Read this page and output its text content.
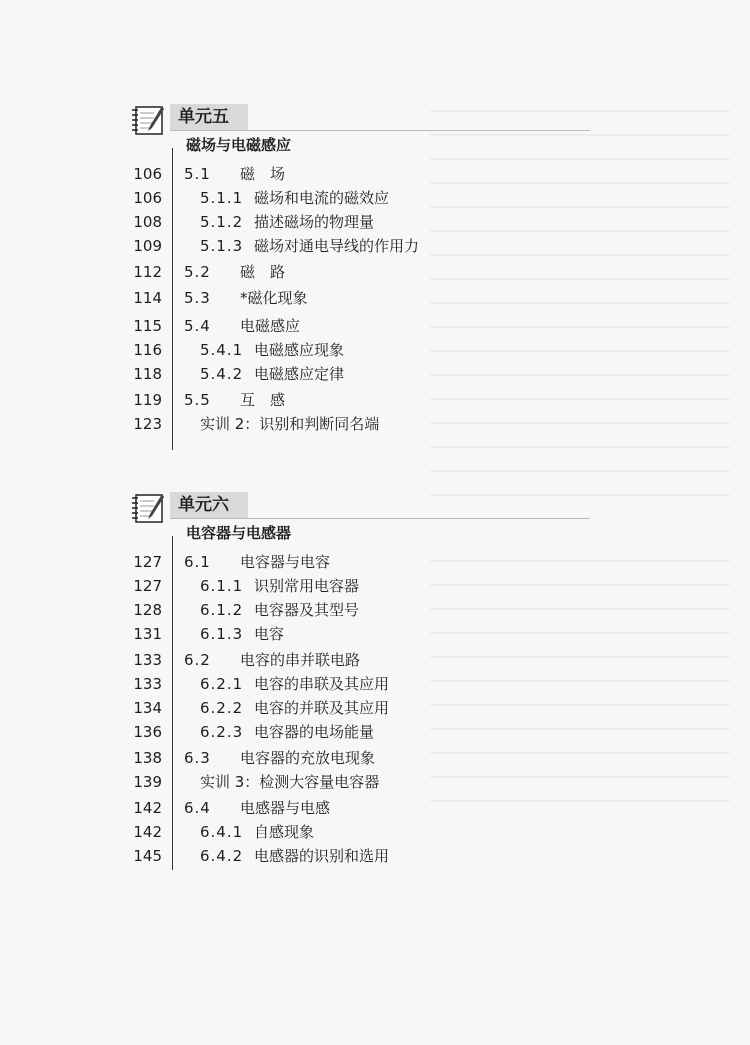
单元五
磁场与电磁感应
106 5.1 磁　场
106	5.1.1 磁场和电流的磁效应
108	5.1.2 描述磁场的物理量
109	5.1.3 磁场对通电导线的作用力
112 5.2 磁　路
114 5.3 *磁化现象
115 5.4 电磁感应
116	5.4.1 电磁感应现象
118	5.4.2 电磁感应定律
119 5.5 互　感
123	实训 2：识别和判断同名端
单元六
电容器与电感器
127 6.1 电容器与电容
127	6.1.1 识别常用电容器
128	6.1.2 电容器及其型号
131	6.1.3 电容
133 6.2 电容的串并联电路
133	6.2.1 电容的串联及其应用
134	6.2.2 电容的并联及其应用
136	6.2.3 电容器的电场能量
138 6.3 电容器的充放电现象
139	实训 3：检测大容量电容器
142 6.4 电感器与电感
142	6.4.1 自感现象
145	6.4.2 电感器的识别和选用
